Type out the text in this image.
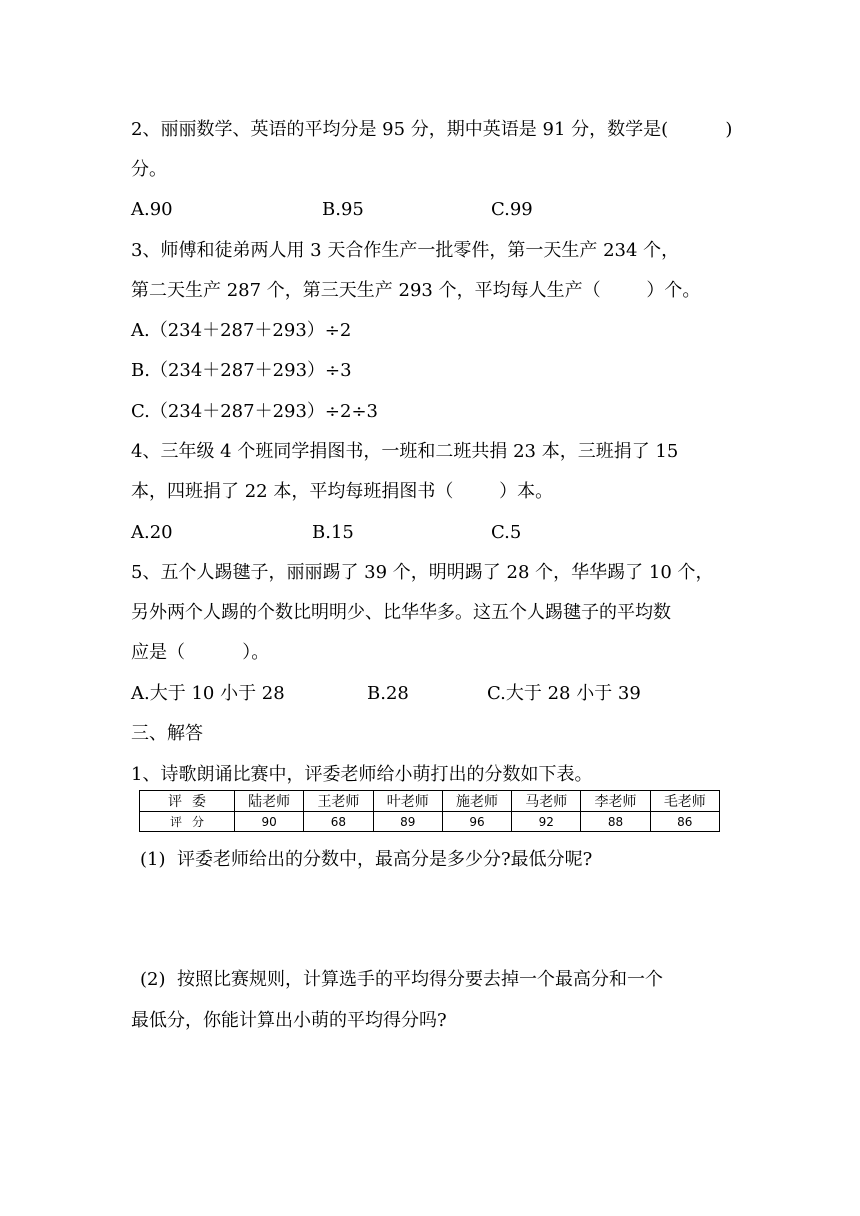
2、丽丽数学、英语的平均分是 95 分，期中英语是 91 分，数学是(          )
分。
A.90	B.95	C.99
3、师傅和徒弟两人用 3 天合作生产一批零件，第一天生产 234 个，
第二天生产 287 个，第三天生产 293 个，平均每人生产（        ）个。
A.（234＋287＋293）÷2
B.（234＋287＋293）÷3
C.（234＋287＋293）÷2÷3
4、三年级 4 个班同学捐图书，一班和二班共捐 23 本，三班捐了 15
本，四班捐了 22 本，平均每班捐图书（        ）本。
A.20	B.15	C.5
5、五个人踢毽子，丽丽踢了 39 个，明明踢了 28 个，华华踢了 10 个，
另外两个人踢的个数比明明少、比华华多。这五个人踢毽子的平均数
应是（          ）。
A.大于 10 小于 28	B.28	C.大于 28 小于 39
三、解答
1、诗歌朗诵比赛中，评委老师给小萌打出的分数如下表。
评委	陆老师	王老师	叶老师	施老师	马老师	李老师	毛老师
评分	90	68	89	96	92	88	86
(1)  评委老师给出的分数中，最高分是多少分?最低分呢?
(2)  按照比赛规则，计算选手的平均得分要去掉一个最高分和一个
最低分，你能计算出小萌的平均得分吗?
